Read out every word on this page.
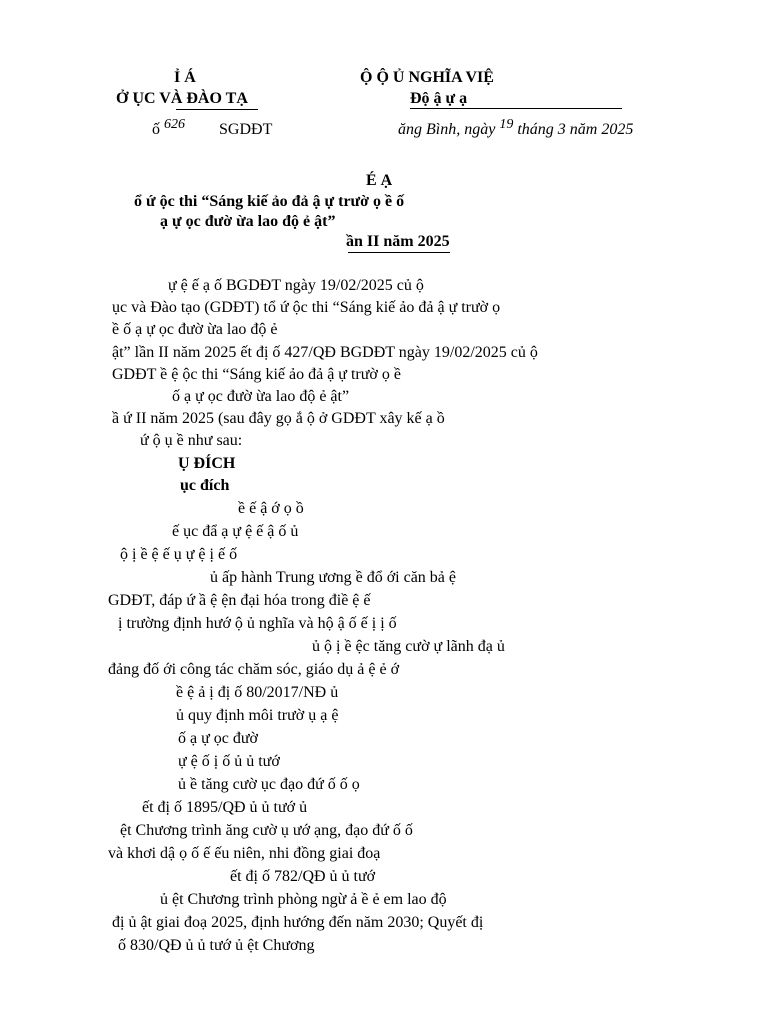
Ỉ Á
Ở ỤC VÀ ĐÀO TẠ
ố 626 SGDĐT
Ộ Ộ Ủ NGHĨA VIỆ
Độ ậ ự ạ
ăng Bình, ngày 19 tháng 3 năm 2025
É Ạ
ổ ứ ộc thi “Sáng kiế ảo đả ậ ự trườ ọ ề ố
ạ ự ọc đườ ừa lao độ ẻ ật”
ần II năm 2025
ự ệ ế ạ ố BGDĐT ngày 19/02/2025 củ ộ
ục và Đào tạo (GDĐT) tổ ứ ộc thi “Sáng kiế ảo đả ậ ự trườ ọ
ề ố ạ ự ọc đườ ừa lao độ ẻ
ật” lần II năm 2025 ết đị ố 427/QĐ BGDĐT ngày 19/02/2025 củ ộ
GDĐT ề ệ ộc thi “Sáng kiế ảo đả ậ ự trườ ọ ề
ố ạ ự ọc đườ ừa lao độ ẻ ật”
ầ ứ II năm 2025 (sau đây gọ ắ ộ ở GDĐT xây kế ạ ồ
ứ ộ ụ ề như sau:
Ụ ĐÍCH
ục đích
ề ế ậ ớ ọ ồ
ế ục đẩ ạ ự ệ ế ậ ố ủ
ộ ị ề ệ ế ụ ự ệ ị ế ố
ủ ấp hành Trung ương ề đổ ới căn bả ệ
GDĐT, đáp ứ ầ ệ ện đại hóa trong điề ệ ế
ị trường định hướ ộ ủ nghĩa và hộ ậ ố ế ị ị ố
ủ ộ ị ề ệc tăng cườ ự lãnh đạ ủ
đảng đố ới công tác chăm sóc, giáo dụ ả ệ ẻ ớ
ề ệ ả ị đị ố 80/2017/NĐ ủ
ủ quy định môi trườ ụ ạ ệ
ố ạ ự ọc đườ
ự ệ ố ị ố ủ ủ tướ
ủ ề tăng cườ ục đạo đứ ố ố ọ
ết đị ố 1895/QĐ ủ ủ tướ ủ
ệt Chương trình ăng cườ ụ ướ ạng, đạo đứ ố ố
và khơi dậ ọ ố ế ếu niên, nhi đồng giai đoạ
ết đị ố 782/QĐ ủ ủ tướ
ủ ệt Chương trình phòng ngừ ả ề ẻ em lao độ
đị ủ ật giai đoạ 2025, định hướng đến năm 2030; Quyết đị
ố 830/QĐ ủ ủ tướ ủ ệt Chương
